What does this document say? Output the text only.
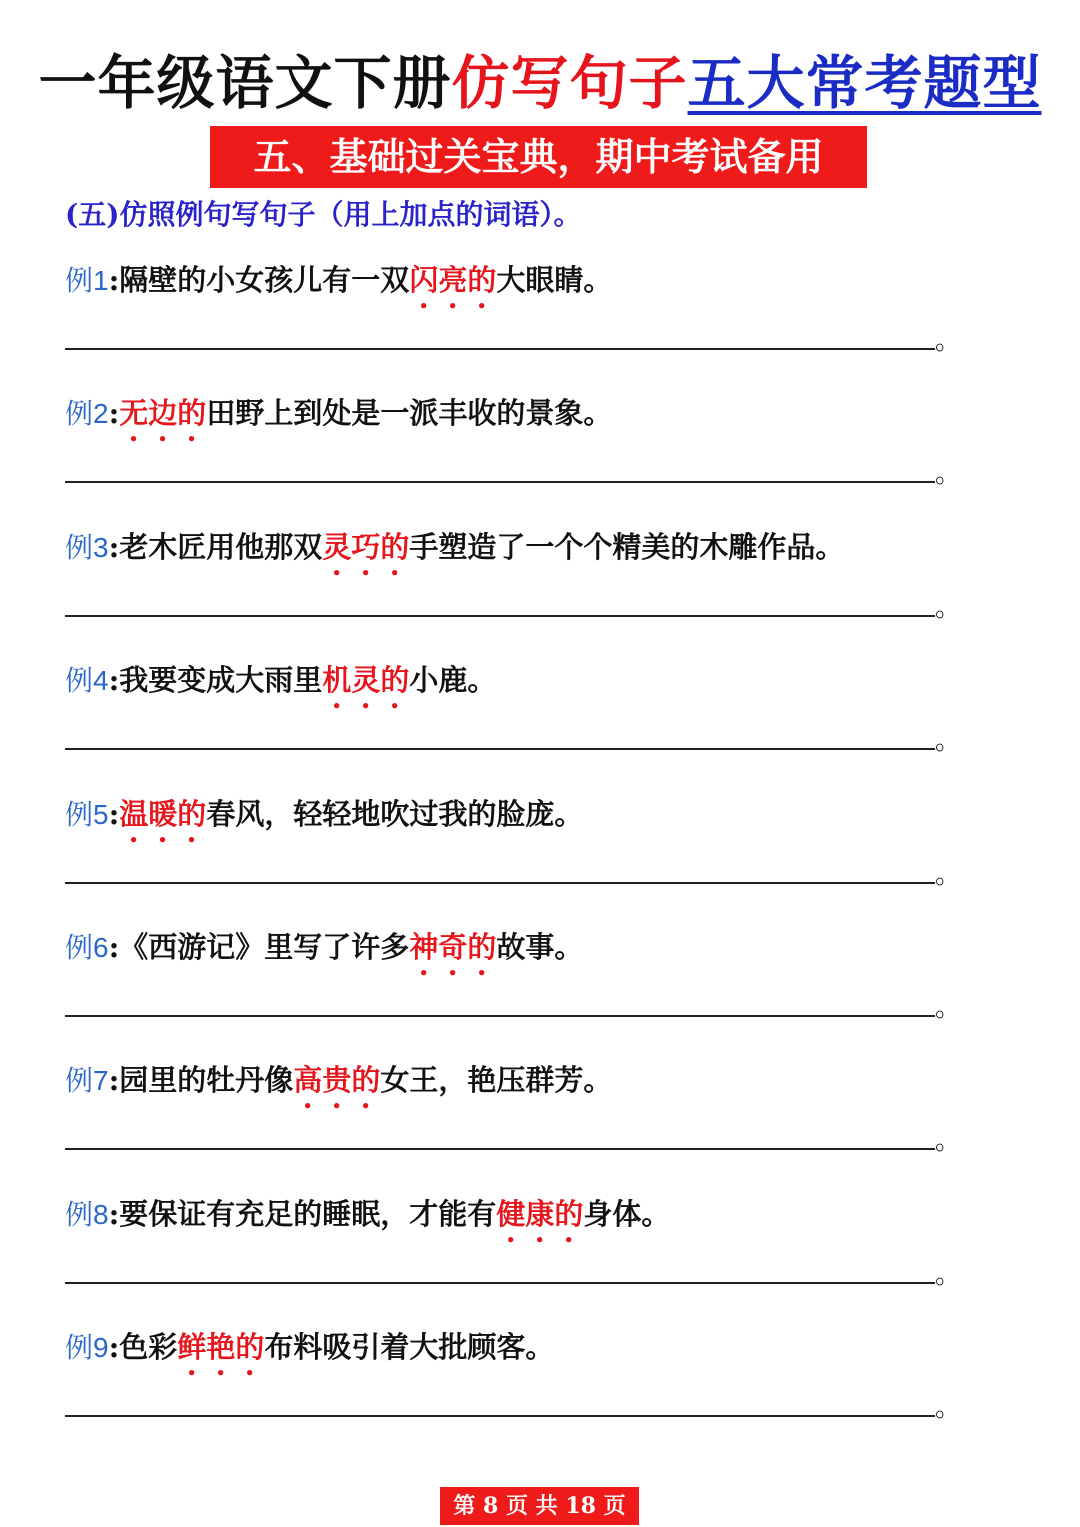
一年级语文下册仿写句子五大常考题型
五、基础过关宝典，期中考试备用
(五)仿照例句写句子（用上加点的词语）。
例1:隔壁的小女孩儿有一双闪亮的大眼睛。
。
例2:无边的田野上到处是一派丰收的景象。
。
例3:老木匠用他那双灵巧的手塑造了一个个精美的木雕作品。
。
例4:我要变成大雨里机灵的小鹿。
。
例5:温暖的春风，轻轻地吹过我的脸庞。
。
例6:《西游记》里写了许多神奇的故事。
。
例7:园里的牡丹像高贵的女王，艳压群芳。
。
例8:要保证有充足的睡眠，才能有健康的身体。
。
例9:色彩鲜艳的布料吸引着大批顾客。
。
第 8 页 共 18 页
